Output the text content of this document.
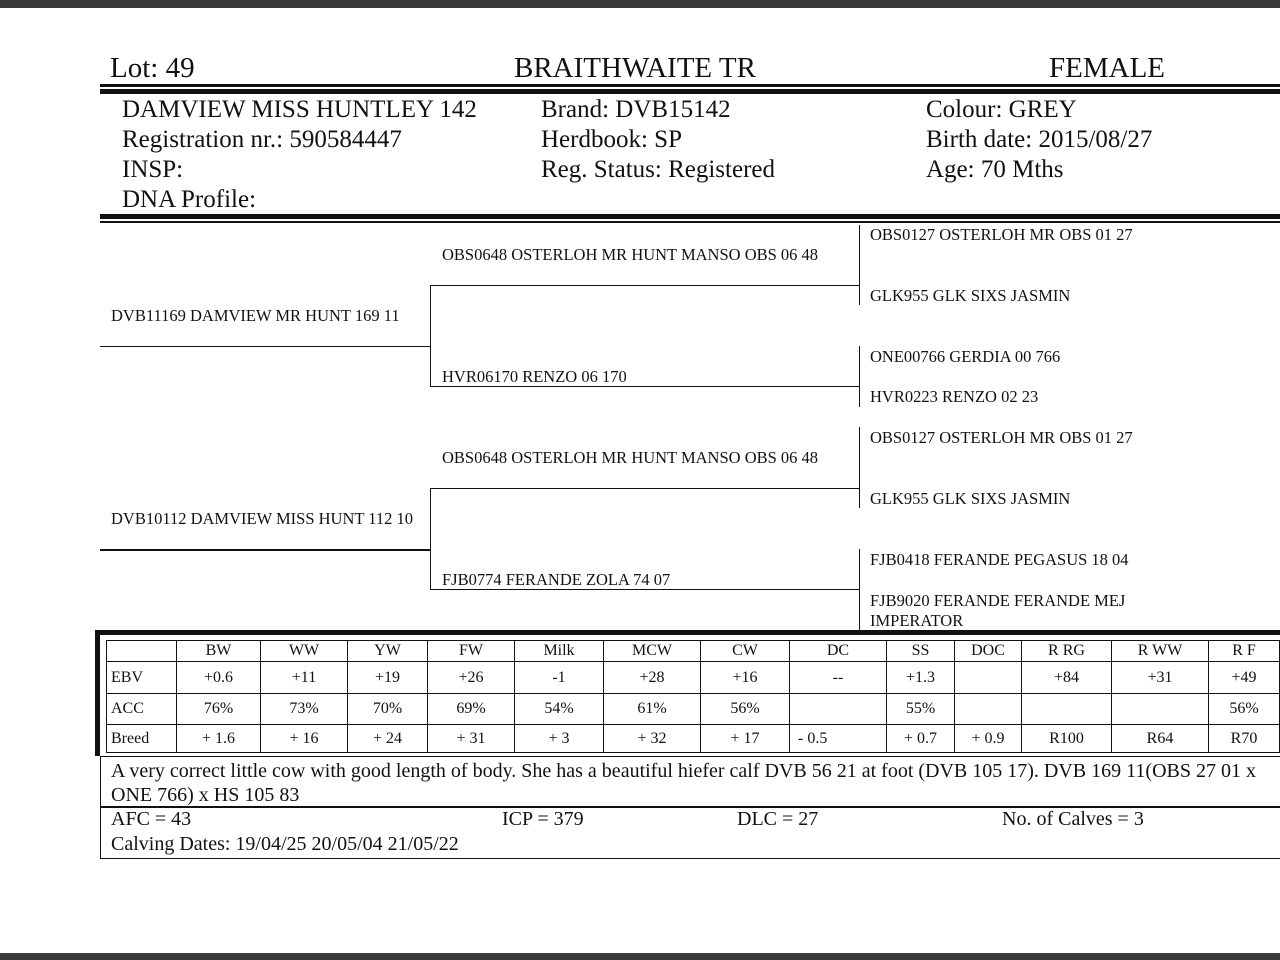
Lot: 49	BRAITHWAITE TR	FEMALE
DAMVIEW MISS HUNTLEY 142
Registration nr.: 590584447
INSP:
DNA Profile:
Brand: DVB15142
Herdbook: SP
Reg. Status: Registered
Colour: GREY
Birth date: 2015/08/27
Age: 70 Mths
DVB11169 DAMVIEW MR HUNT 169 11
DVB10112 DAMVIEW MISS HUNT 112 10
OBS0648 OSTERLOH MR HUNT MANSO OBS 06 48
HVR06170 RENZO 06 170
OBS0648 OSTERLOH MR HUNT MANSO OBS 06 48
FJB0774 FERANDE ZOLA 74 07
OBS0127 OSTERLOH MR OBS 01 27
GLK955 GLK SIXS JASMIN
ONE00766 GERDIA 00 766
HVR0223 RENZO 02 23
OBS0127 OSTERLOH MR OBS 01 27
GLK955 GLK SIXS JASMIN
FJB0418 FERANDE PEGASUS 18 04
FJB9020 FERANDE FERANDE MEJ IMPERATOR
	BW	WW	YW	FW	Milk	MCW	CW	DC	SS	DOC	R RG	R WW	R F
EBV	+0.6	+11	+19	+26	-1	+28	+16	--	+1.3		+84	+31	+49
ACC	76%	73%	70%	69%	54%	61%	56%		55%				56%
Breed	+ 1.6	+ 16	+ 24	+ 31	+ 3	+ 32	+ 17	- 0.5	+ 0.7	+ 0.9	R100	R64	R70
A very correct little cow with good length of body. She has a beautiful hiefer calf DVB 56 21 at foot (DVB 105 17). DVB 169 11(OBS 27 01 x ONE 766) x HS 105 83
AFC = 43	ICP = 379	DLC = 27	No. of Calves = 3
Calving Dates: 19/04/25 20/05/04 21/05/22
